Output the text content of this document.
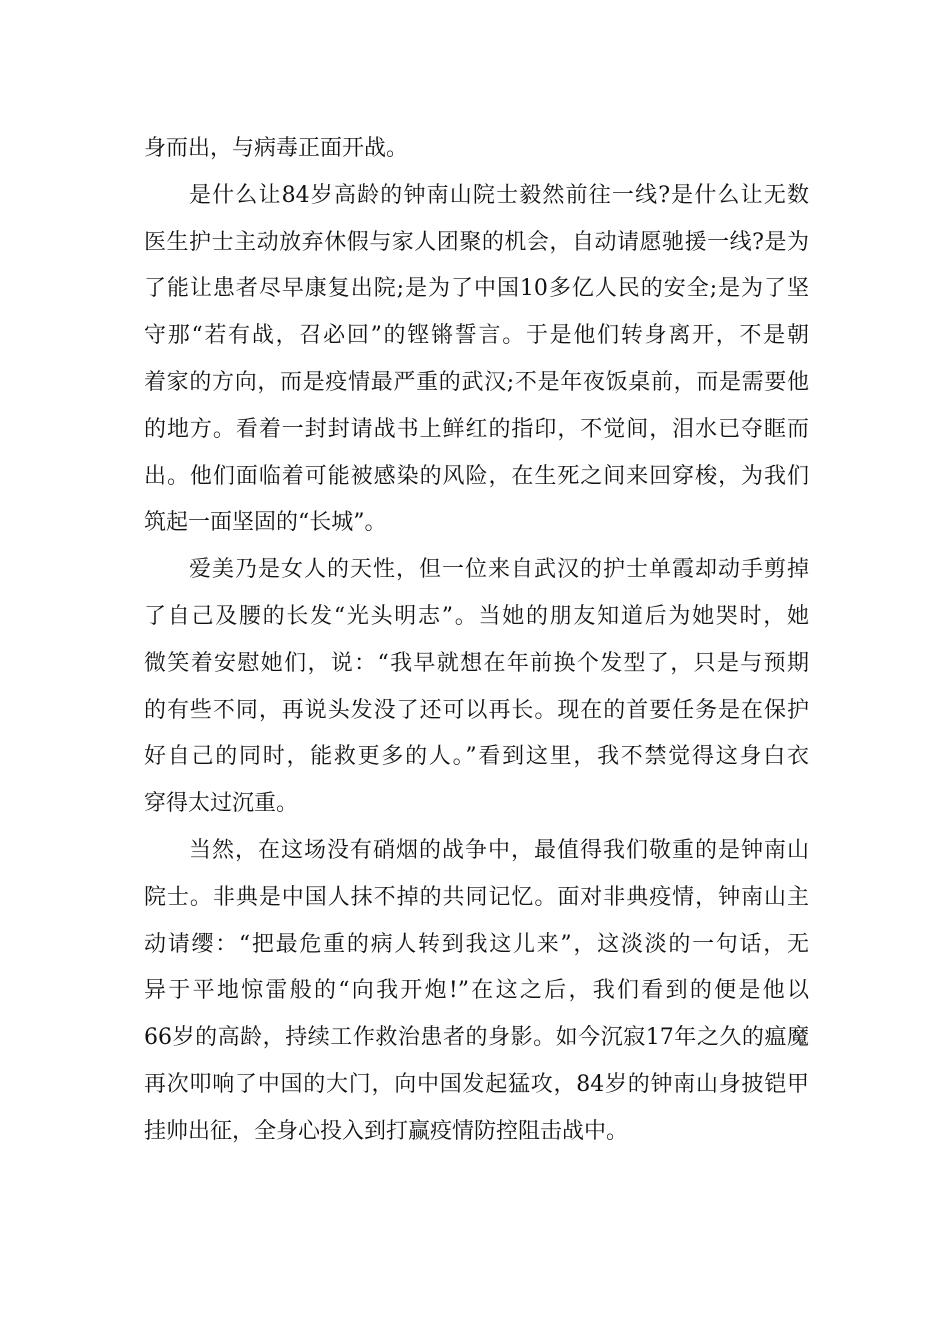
身而出，与病毒正面开战。
是什么让84岁高龄的钟南山院士毅然前往一线?是什么让无数
医生护士主动放弃休假与家人团聚的机会，自动请愿驰援一线?是为
了能让患者尽早康复出院;是为了中国10多亿人民的安全;是为了坚
守那“若有战，召必回”的铿锵誓言。于是他们转身离开，不是朝
着家的方向，而是疫情最严重的武汉;不是年夜饭桌前，而是需要他
的地方。看着一封封请战书上鲜红的指印，不觉间，泪水已夺眶而
出。他们面临着可能被感染的风险，在生死之间来回穿梭，为我们
筑起一面坚固的“长城”。
爱美乃是女人的天性，但一位来自武汉的护士单霞却动手剪掉
了自己及腰的长发“光头明志”。当她的朋友知道后为她哭时，她
微笑着安慰她们，说：“我早就想在年前换个发型了，只是与预期
的有些不同，再说头发没了还可以再长。现在的首要任务是在保护
好自己的同时，能救更多的人。”看到这里，我不禁觉得这身白衣
穿得太过沉重。
当然，在这场没有硝烟的战争中，最值得我们敬重的是钟南山
院士。非典是中国人抹不掉的共同记忆。面对非典疫情，钟南山主
动请缨：“把最危重的病人转到我这儿来”，这淡淡的一句话，无
异于平地惊雷般的“向我开炮!”在这之后，我们看到的便是他以
66岁的高龄，持续工作救治患者的身影。如今沉寂17年之久的瘟魔
再次叩响了中国的大门，向中国发起猛攻，84岁的钟南山身披铠甲
挂帅出征，全身心投入到打赢疫情防控阻击战中。
